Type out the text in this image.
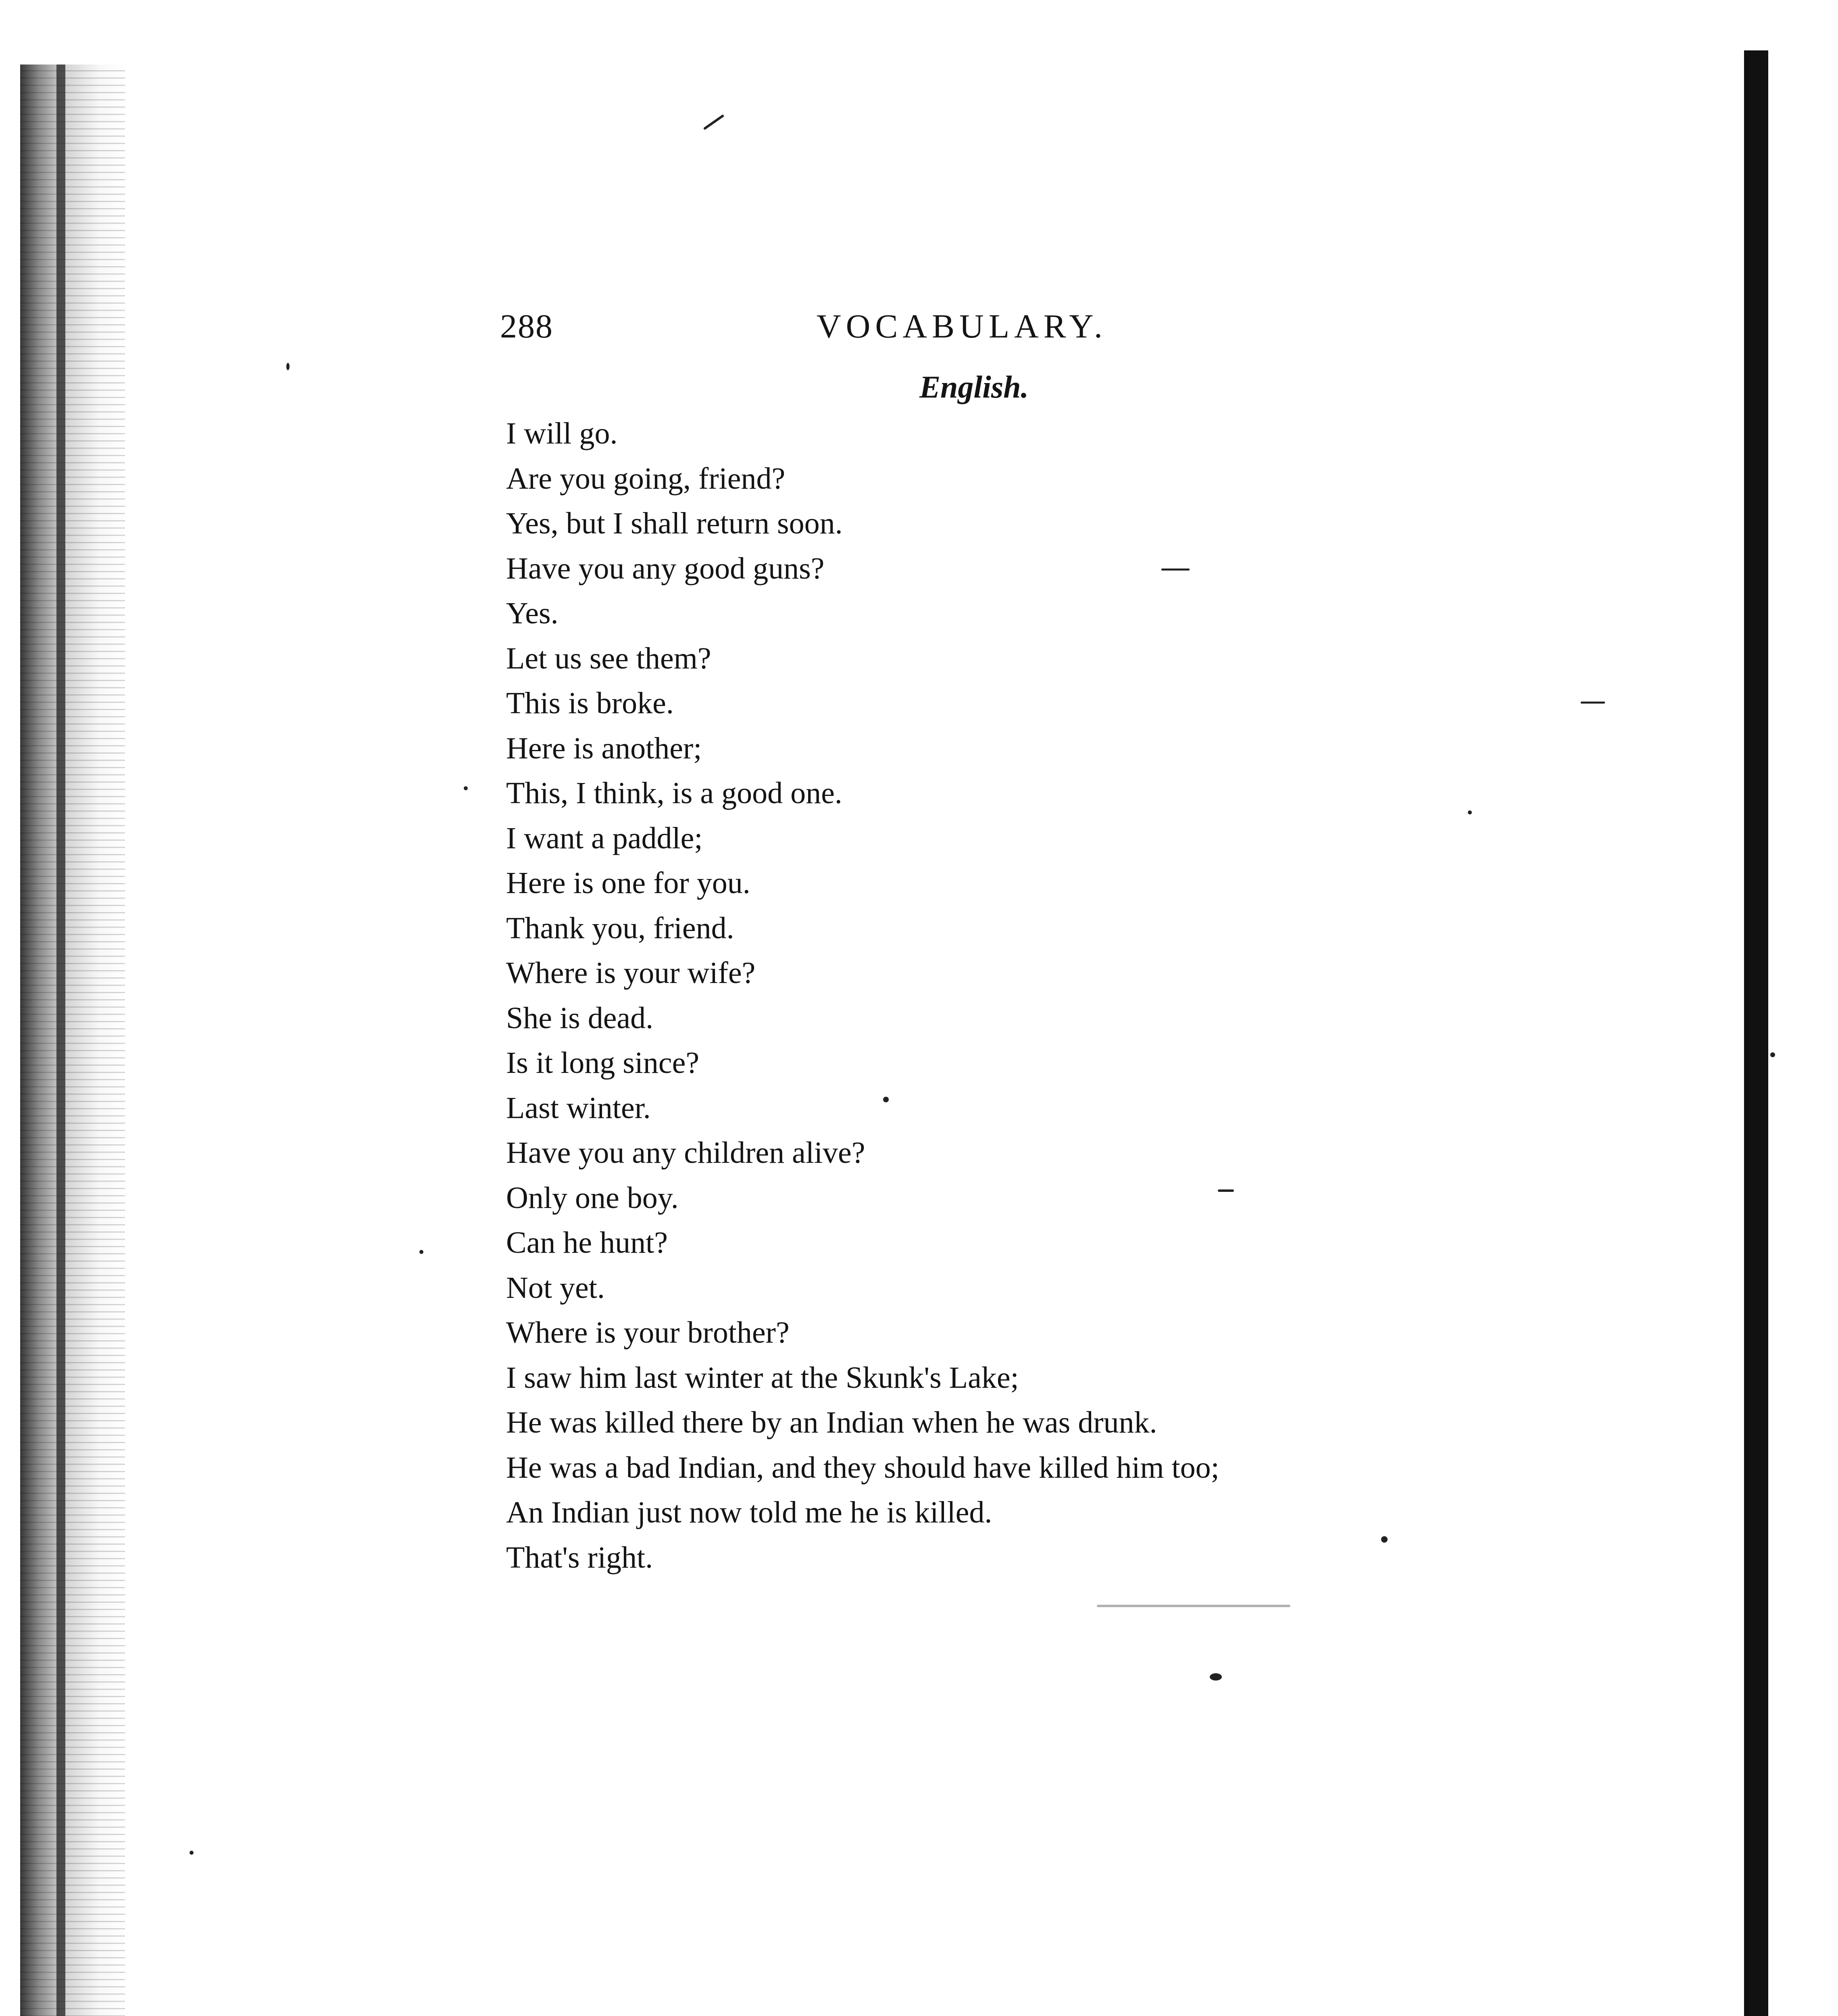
288	VOCABULARY.
English.
I will go.
Are you going, friend?
Yes, but I shall return soon.
Have you any good guns?
Yes.
Let us see them?
This is broke.
Here is another;
This, I think, is a good one.
I want a paddle;
Here is one for you.
Thank you, friend.
Where is your wife?
She is dead.
Is it long since?
Last winter.
Have you any children alive?
Only one boy.
Can he hunt?
Not yet.
Where is your brother?
I saw him last winter at the Skunk's Lake;
He was killed there by an Indian when he was drunk.
He was a bad Indian, and they should have killed him too;
An Indian just now told me he is killed.
That's right.
